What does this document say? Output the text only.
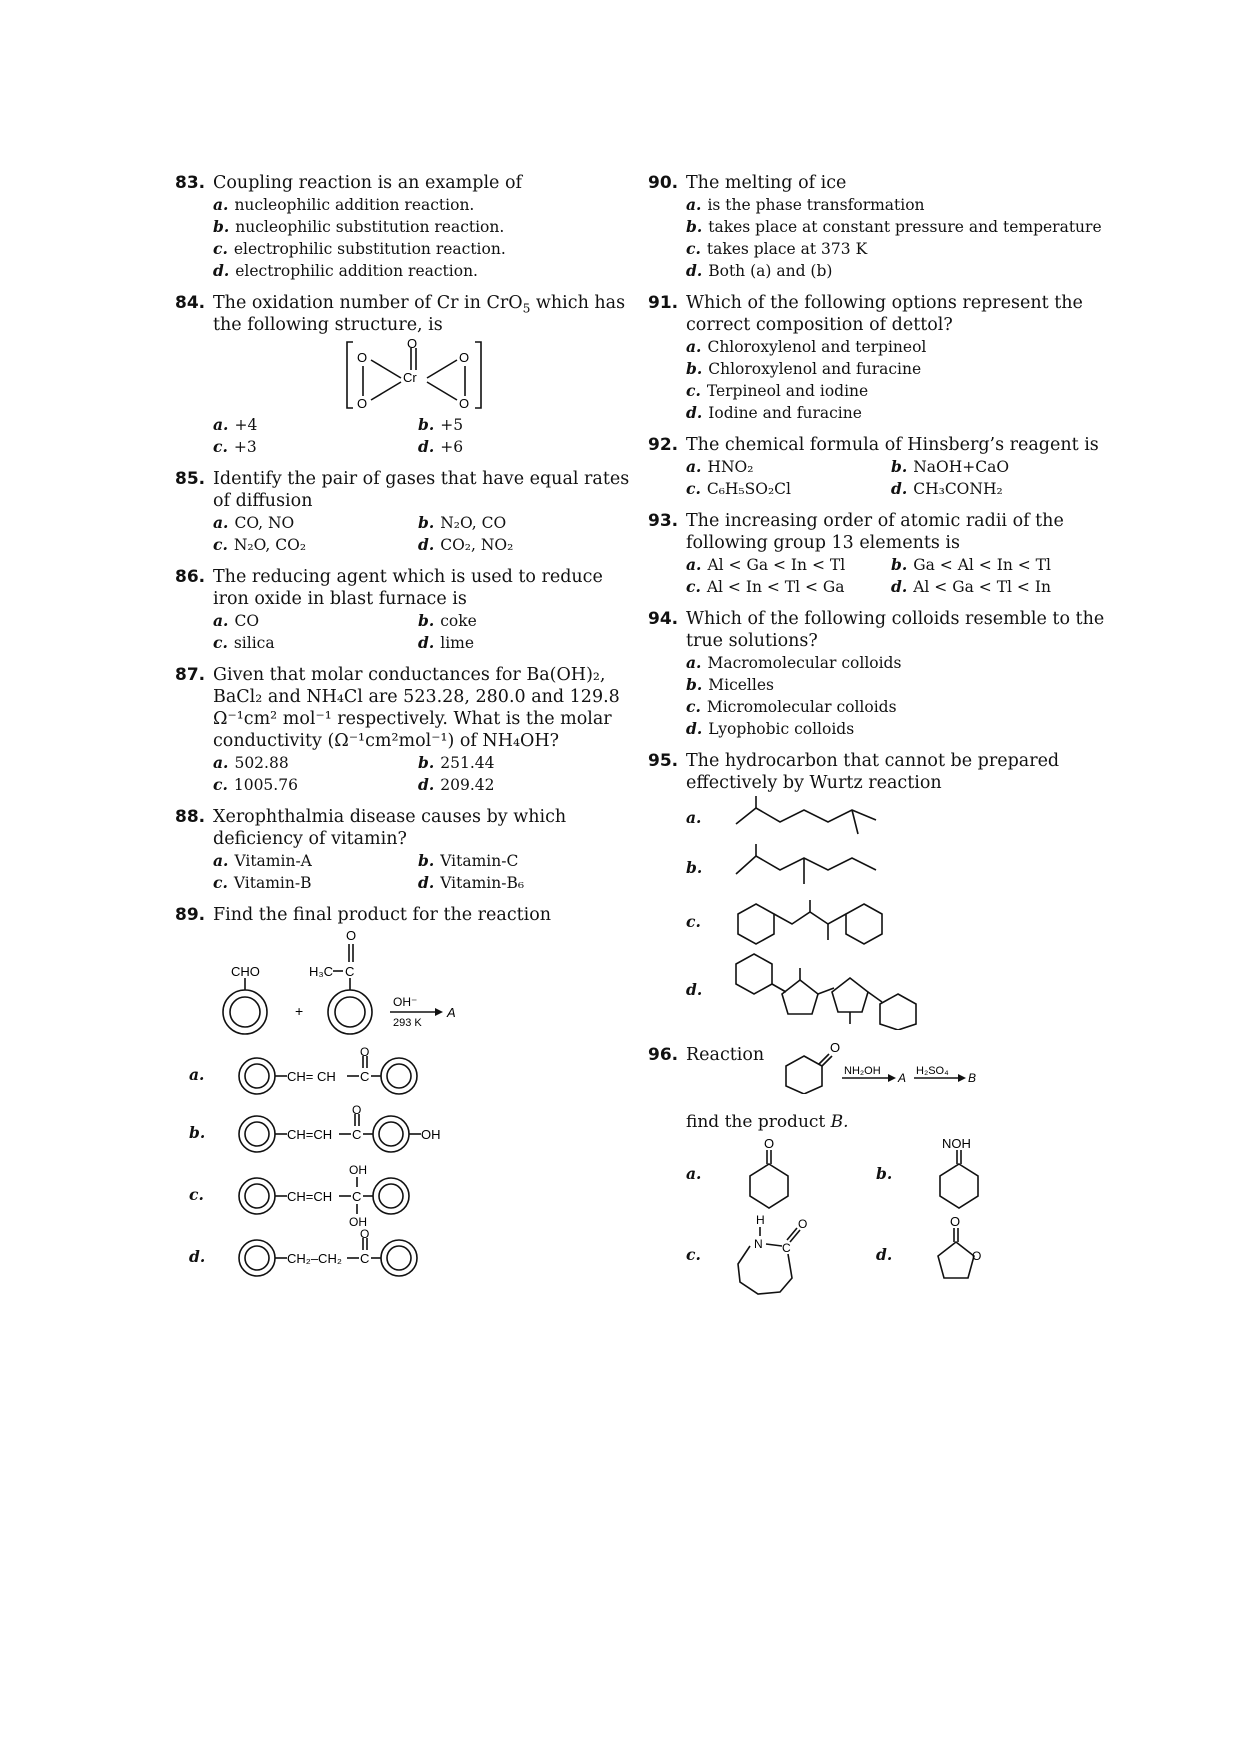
83. Coupling reaction is an example of
a. nucleophilic addition reaction.
b. nucleophilic substitution reaction.
c. electrophilic substitution reaction.
d. electrophilic addition reaction.
84. The oxidation number of Cr in CrO$_5$ which has the following structure, is
O
Cr
O
O
O
O
a. +4	b. +5
c. +3	d. +6
85. Identify the pair of gases that have equal rates of diffusion
a. CO, NO	b. N₂O, CO
c. N₂O, CO₂	d. CO₂, NO₂
86. The reducing agent which is used to reduce iron oxide in blast furnace is
a. CO	b. coke
c. silica	d. lime
87. Given that molar conductances for Ba(OH)₂, BaCl₂ and NH₄Cl are 523.28, 280.0 and 129.8 Ω⁻¹cm² mol⁻¹ respectively. What is the molar conductivity (Ω⁻¹cm²mol⁻¹) of NH₄OH?
a. 502.88	b. 251.44
c. 1005.76	d. 209.42
88. Xerophthalmia disease causes by which deficiency of vitamin?
a. Vitamin-A	b. Vitamin-C
c. Vitamin-B	d. Vitamin-B₆
89. Find the final product for the reaction
CHO
+
H₃C C
O
OH⁻
293 K
A
a.	CH= CH C
O
b.	CH=CH C
O
OH
c.
OH
CH=CH C
OH
d.	CH₂–CH₂ C
O
90. The melting of ice
a. is the phase transformation
b. takes place at constant pressure and temperature
c. takes place at 373 K
d. Both (a) and (b)
91. Which of the following options represent the correct composition of dettol?
a. Chloroxylenol and terpineol
b. Chloroxylenol and furacine
c. Terpineol and iodine
d. Iodine and furacine
92. The chemical formula of Hinsberg’s reagent is
a. HNO₂	b. NaOH+CaO
c. C₆H₅SO₂Cl	d. CH₃CONH₂
93. The increasing order of atomic radii of the following group 13 elements is
a. Al < Ga < In < Tl	b. Ga < Al < In < Tl
c. Al < In < Tl < Ga	d. Al < Ga < Tl < In
94. Which of the following colloids resemble to the true solutions?
a. Macromolecular colloids
b. Micelles
c. Micromolecular colloids
d. Lyophobic colloids
95. The hydrocarbon that cannot be prepared effectively by Wurtz reaction
a.
b.
c.
d.
96. Reaction	O
NH₂OH A H₂SO₄ B
find the product B.
a.
O
b.
NOH
c.
H
N C
O
d.
O
O
